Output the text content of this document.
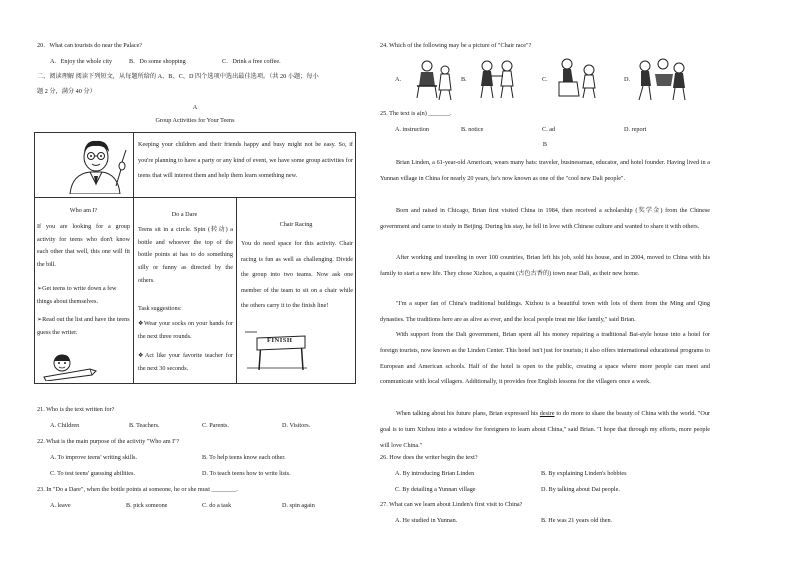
20．What can tourists do near the Palace?
A．Enjoy the whole city	B．Do some shopping	C．Drink a free coffee.
二、阅读理解 阅读下列短文，从每题所给的 A、B、C、D 四个选项中选出最佳选项。（共 20 小题；每小
题 2 分，满分 40 分）
A
Group Activities for Your Teens
Keeping your children and their friends happy and busy might not be easy. So, if you're planning to have a party or any kind of event, we have some group activities for teens that will interest them and help them learn something new.
Who am I?
If you are looking for a group activity for teens who don't know each other that well, this one will fit the bill.
➢Get teens to write down a few things about themselves.
➢Read out the list and have the teens guess the writer.
Do a Dare
Teens sit in a circle. Spin (转动) a bottle and whoever the top of the bottle points at has to do something silly or funny as directed by the others.
Task suggestions:
❖Wear your socks on your hands for the next three rounds.
❖Act like your favorite teacher for the next 30 seconds.
Chair Racing
You do need space for this activity. Chair racing is fun as well as challenging. Divide the group into two teams. Now ask one member of the team to sit on a chair while the others carry it to the finish line!
FINISH
21. Who is the text written for?
A. Children	B. Teachers.	C. Parents.	D. Visitors.
22. What is the main purpose of the activity "Who am I"?
A. To improve teens' writing skills.	B. To help teens know each other.
C. To test teens' guessing abilities.	D. To teach teens how to write lists.
23. In "Do a Dare", when the bottle points at someone, he or she must ________.
A. leave	B. pick someone	C. do a task	D. spin again
24. Which of the following may be a picture of "Chair race"?
A.	B.	C.	D.
25. The text is a(n) _______.
A. instruction	B. notice	C. ad	D. report
B
Brian Linden, a 61-year-old American, wears many hats: traveler, businessman, educator, and hotel founder. Having lived in a Yunnan village in China for nearly 20 years, he's now known as one of the "cool new Dali people".
Born and raised in Chicago, Brian first visited China in 1984, then received a scholarship (奖学金) from the Chinese government and came to study in Beijing. During his stay, he fell in love with Chinese culture and wanted to share it with others.
After working and traveling in over 100 countries, Brian left his job, sold his house, and in 2004, moved to China with his family to start a new life. They chose Xizhou, a quaint (古色古香的) town near Dali, as their new home.
"I'm a super fan of China's traditional buildings. Xizhou is a beautiful town with lots of them from the Ming and Qing dynasties. The traditions here are as alive as ever, and the local people treat me like family," said Brian.
With support from the Dali government, Brian spent all his money repairing a traditional Bai-style house into a hotel for foreign tourists, now known as the Linden Center. This hotel isn't just for tourists; it also offers international educational programs to European and American schools. Half of the hotel is open to the public, creating a space where more people can meet and communicate with local villagers. Additionally, it provides free English lessons for the villagers once a week.
When talking about his future plans, Brian expressed his desire to do more to share the beauty of China with the world. "Our goal is to turn Xizhou into a window for foreigners to learn about China," said Brian. "I hope that through my efforts, more people will love China."
26. How does the writer begin the text?
A. By introducing Brian Linden	B. By explaining Linden's hobbies
C. By detailing a Yunnan village	D. By talking about Dai people.
27. What can we learn about Linden's first visit to China?
A. He studied in Yunnan.	B. He was 21 years old then.
